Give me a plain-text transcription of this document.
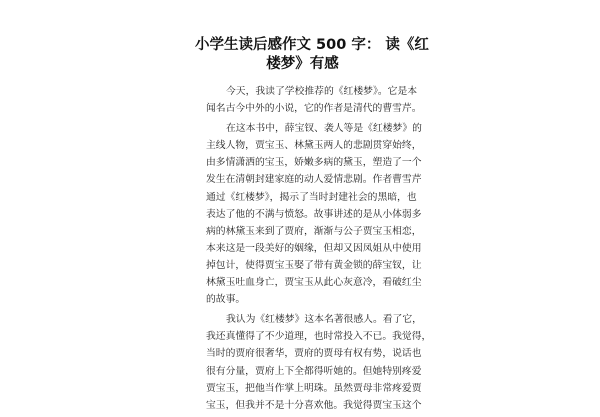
小学生读后感作文 500 字： 读《红
楼梦》有感
今天，我读了学校推荐的《红楼梦》。它是本
闻名古今中外的小说，它的作者是清代的曹雪芹。
在这本书中，薛宝钗、袭人等是《红楼梦》的
主线人物，贾宝玉、林黛玉两人的悲剧贯穿始终，
由多情潇洒的宝玉，娇嫩多病的黛玉，塑造了一个
发生在清朝封建家庭的动人爱情悲剧。作者曹雪芹
通过《红楼梦》，揭示了当时封建社会的黑暗，也
表达了他的不满与愤怒。故事讲述的是从小体弱多
病的林黛玉来到了贾府，渐渐与公子贾宝玉相恋，
本来这是一段美好的姻缘，但却又因凤姐从中使用
掉包计，使得贾宝玉娶了带有黄金锁的薛宝钗，让
林黛玉吐血身亡，贾宝玉从此心灰意冷，看破红尘
的故事。
我认为《红楼梦》这本名著很感人。看了它，
我还真懂得了不少道理，也时常投入不已。我觉得，
当时的贾府很奢华，贾府的贾母有权有势，说话也
很有分量，贾府上下全都得听她的。但她特别疼爱
贾宝玉，把他当作掌上明珠。虽然贾母非常疼爱贾
宝玉，但我并不是十分喜欢他。我觉得贾宝玉这个
